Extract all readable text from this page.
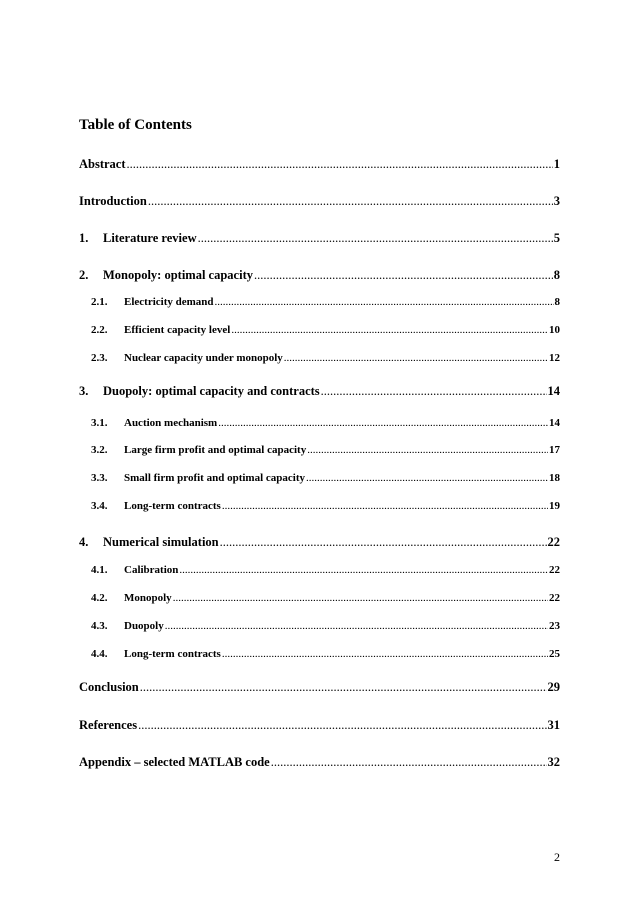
Table of Contents
Abstract .....	1
Introduction .....	3
1.	Literature review .....	5
2.	Monopoly: optimal capacity .....	8
2.1.	Electricity demand .....	8
2.2.	Efficient capacity level .....	10
2.3.	Nuclear capacity under monopoly .....	12
3.	Duopoly: optimal capacity and contracts .....	14
3.1.	Auction mechanism .....	14
3.2.	Large firm profit and optimal capacity .....	17
3.3.	Small firm profit and optimal capacity .....	18
3.4.	Long-term contracts .....	19
4.	Numerical simulation .....	22
4.1.	Calibration .....	22
4.2.	Monopoly .....	22
4.3.	Duopoly .....	23
4.4.	Long-term contracts .....	25
Conclusion .....	29
References .....	31
Appendix – selected MATLAB code .....	32
2
